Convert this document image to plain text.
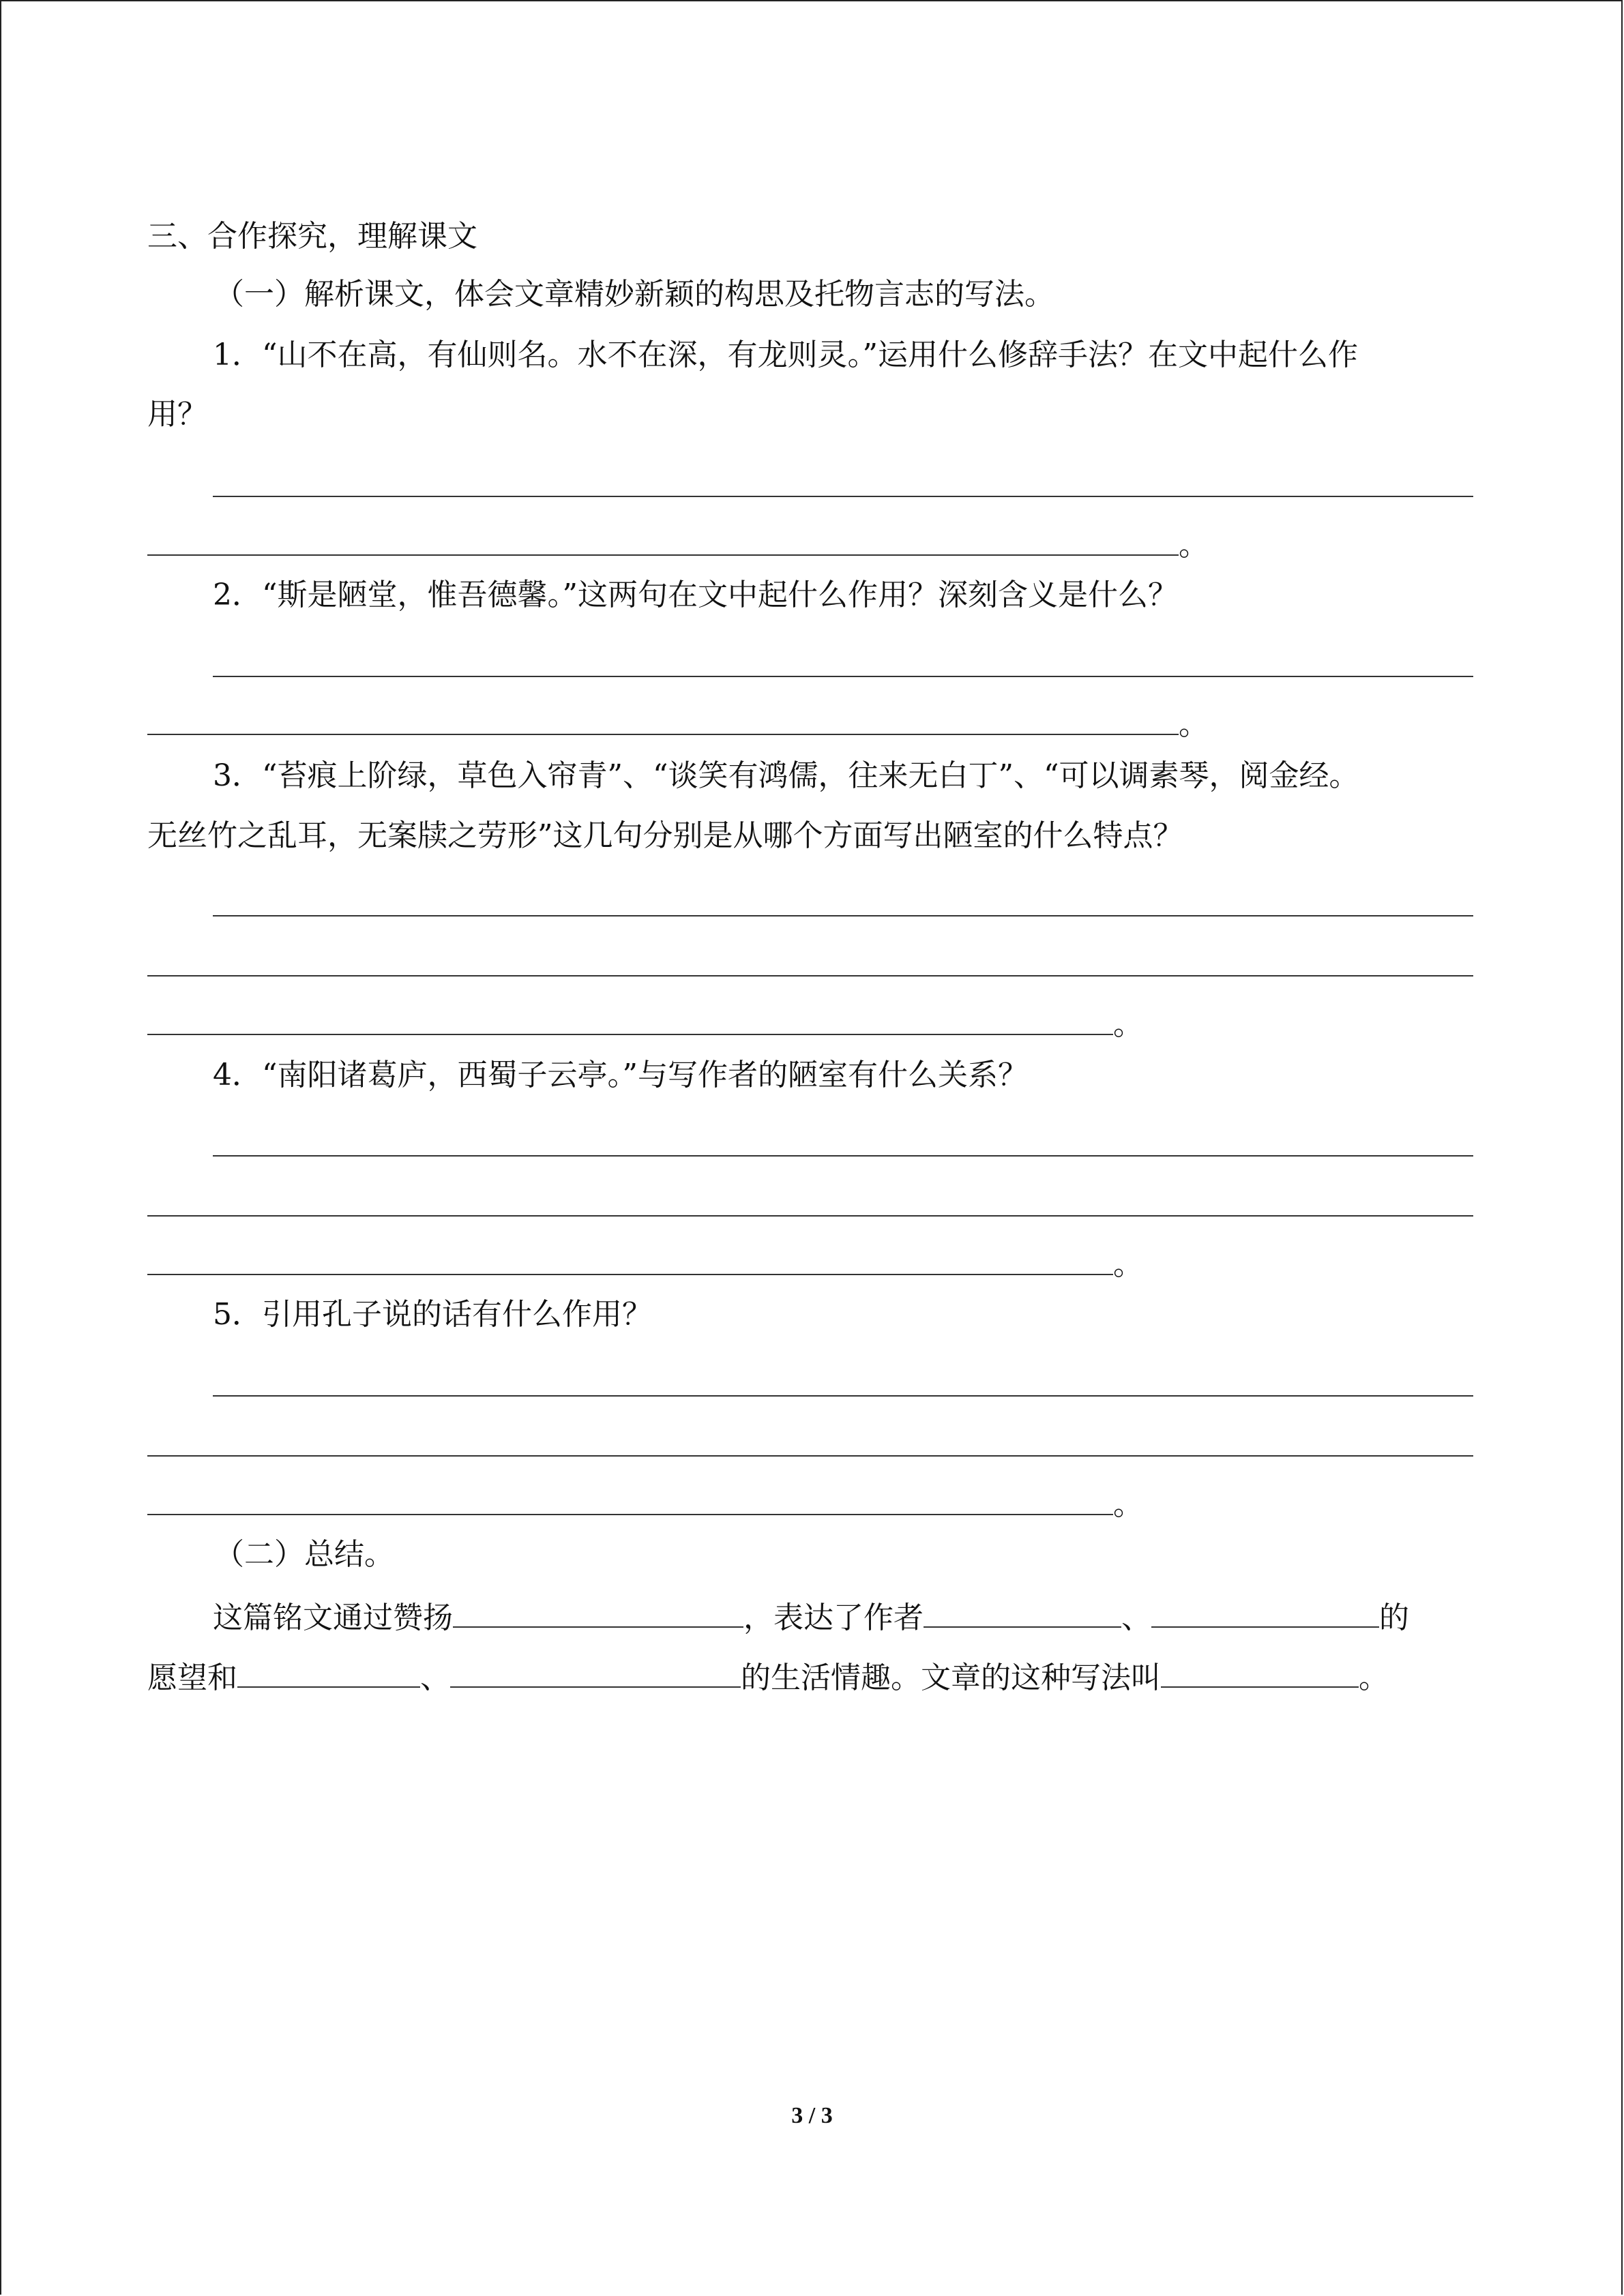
三、合作探究，理解课文
（一）解析课文，体会文章精妙新颖的构思及托物言志的写法。
1．“山不在高，有仙则名。水不在深，有龙则灵。”运用什么修辞手法？在文中起什么作
用？
。
2．“斯是陋堂，惟吾德馨。”这两句在文中起什么作用？深刻含义是什么？
。
3．“苔痕上阶绿，草色入帘青”、“谈笑有鸿儒，往来无白丁”、“可以调素琴，阅金经。
无丝竹之乱耳，无案牍之劳形”这几句分别是从哪个方面写出陋室的什么特点？
。
4．“南阳诸葛庐，西蜀子云亭。”与写作者的陋室有什么关系？
。
5．引用孔子说的话有什么作用？
。
（二）总结。
这篇铭文通过赞扬	，表达了作者	、	的
愿望和	、	的生活情趣。文章的这种写法叫	。
3 / 3
